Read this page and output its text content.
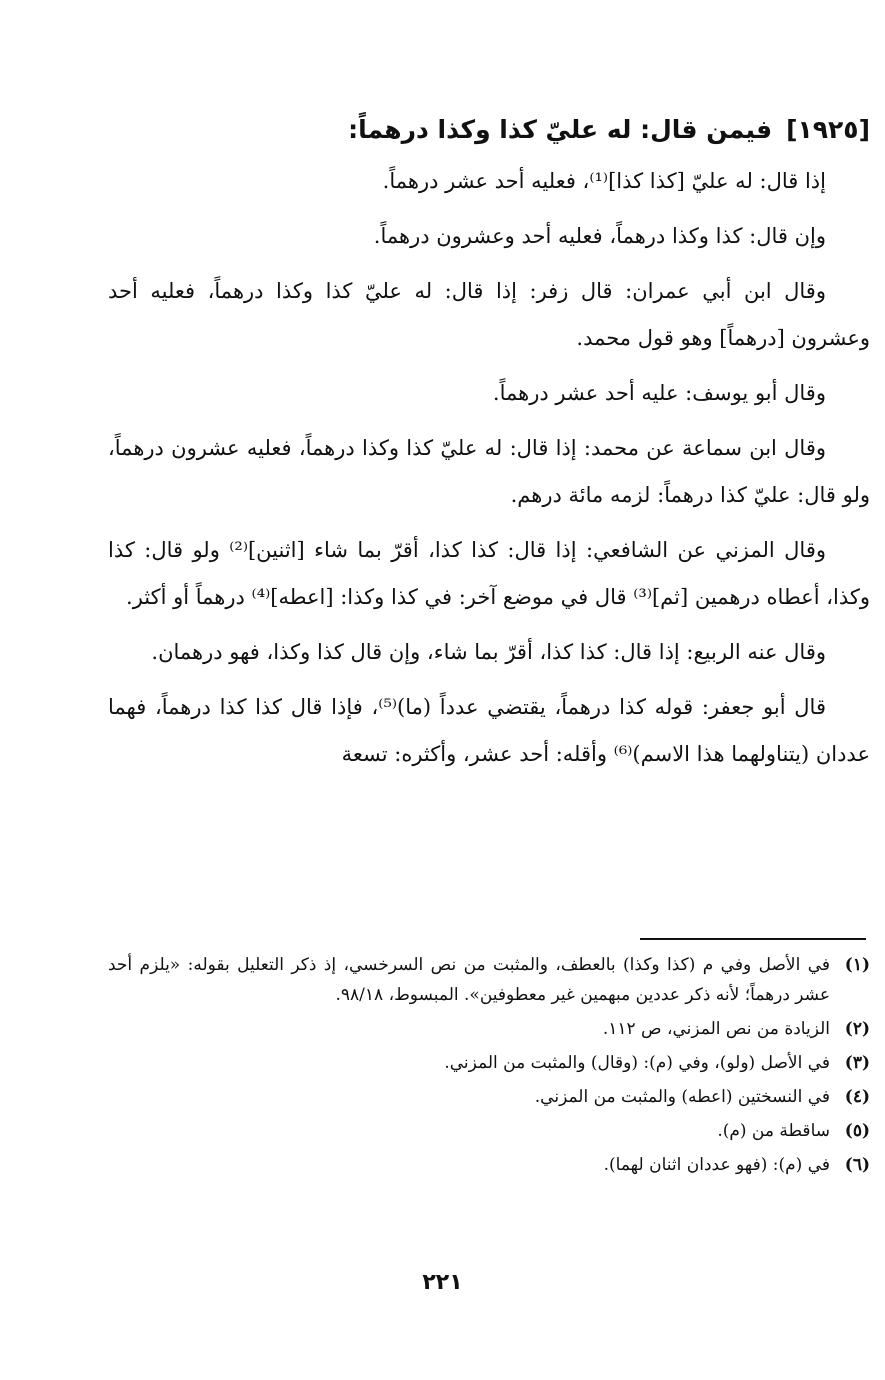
[١٩٢٥]فيمن قال: له عليّ كذا وكذا درهماً:

إذا قال: له عليّ [كذا كذا]⁽¹⁾، فعليه أحد عشر درهماً.

وإن قال: كذا وكذا درهماً، فعليه أحد وعشرون درهماً.

وقال ابن أبي عمران: قال زفر: إذا قال: له عليّ كذا وكذا درهماً، فعليه أحد وعشرون [درهماً] وهو قول محمد.

وقال أبو يوسف: عليه أحد عشر درهماً.

وقال ابن سماعة عن محمد: إذا قال: له عليّ كذا وكذا درهماً، فعليه عشرون درهماً، ولو قال: عليّ كذا درهماً: لزمه مائة درهم.

وقال المزني عن الشافعي: إذا قال: كذا كذا، أقرّ بما شاء [اثنين]⁽²⁾ ولو قال: كذا وكذا، أعطاه درهمين [ثم]⁽³⁾ قال في موضع آخر: في كذا وكذا: [اعطه]⁽⁴⁾ درهماً أو أكثر.

وقال عنه الربيع: إذا قال: كذا كذا، أقرّ بما شاء، وإن قال كذا وكذا، فهو درهمان.

قال أبو جعفر: قوله كذا درهماً، يقتضي عدداً (ما)⁽⁵⁾، فإذا قال كذا كذا درهماً، فهما عددان (يتناولهما هذا الاسم)⁽⁶⁾ وأقله: أحد عشر، وأكثره: تسعة

(١)
في الأصل وفي م (كذا وكذا) بالعطف، والمثبت من نص السرخسي، إذ ذكر التعليل بقوله: «يلزم أحد عشر درهماً؛ لأنه ذكر عددين مبهمين غير معطوفين». المبسوط، ٩٨/١٨.
(٢)
الزيادة من نص المزني، ص ١١٢.
(٣)
في الأصل (ولو)، وفي (م): (وقال) والمثبت من المزني.
(٤)
في النسختين (اعطه) والمثبت من المزني.
(٥)
ساقطة من (م).
(٦)
في (م): (فهو عددان اثنان لهما).
٢٢١
